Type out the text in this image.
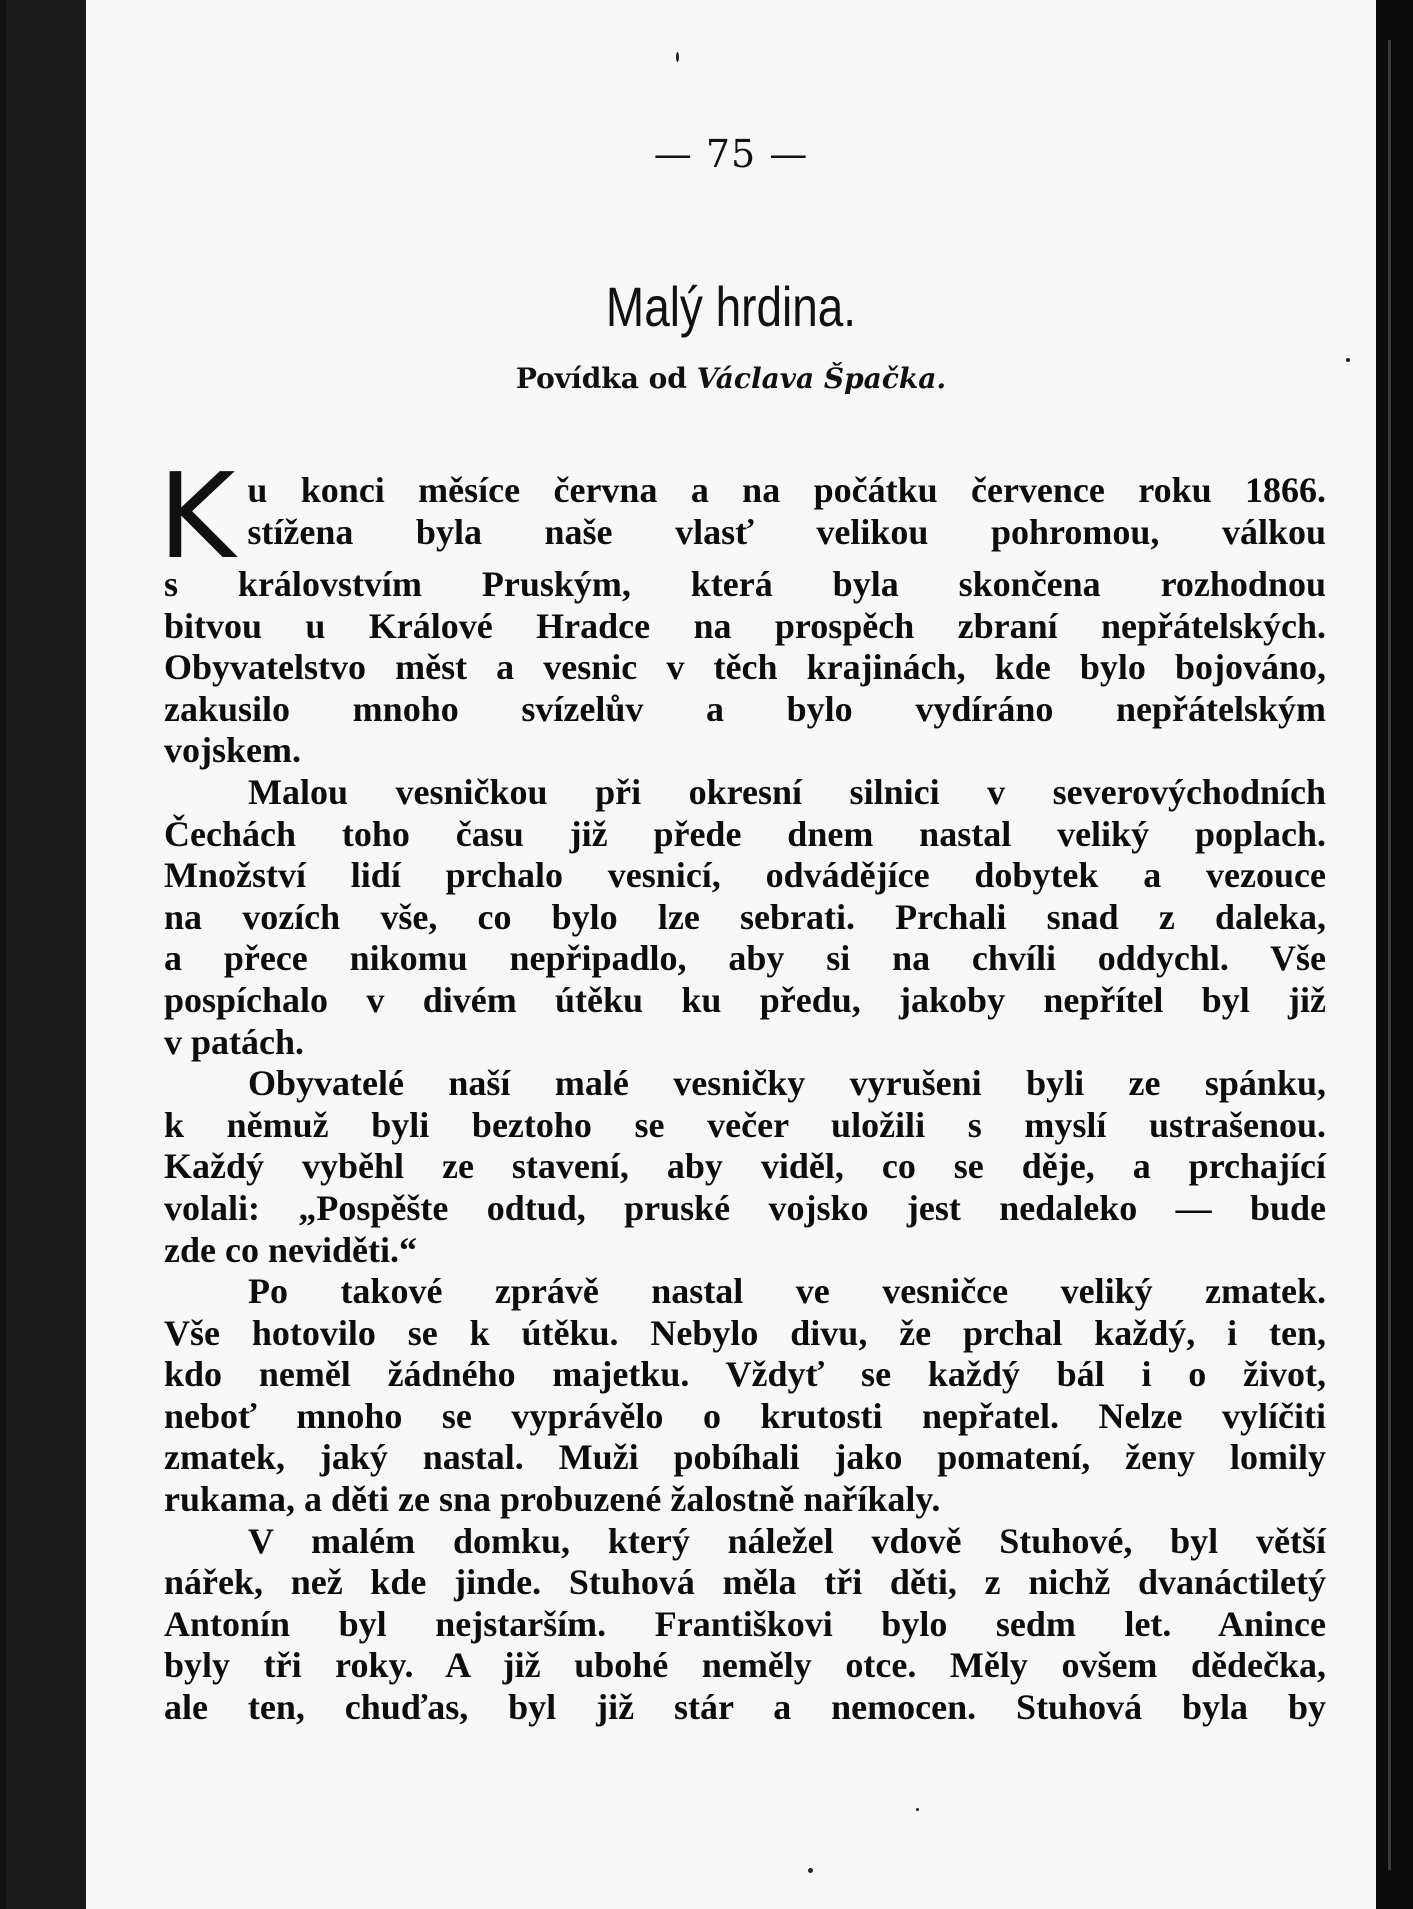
— 75 —
Malý hrdina.
Povídka od Václava Špačka.
K u konci měsíce června a na počátku července roku 1866.
stížena byla naše vlasť velikou pohromou, válkou
s královstvím Pruským, která byla skončena rozhodnou
bitvou u Králové Hradce na prospěch zbraní nepřátelských.
Obyvatelstvo měst a vesnic v těch krajinách, kde bylo bojováno,
zakusilo mnoho svízelův a bylo vydíráno nepřátelským
vojskem.
Malou vesničkou při okresní silnici v severovýchodních
Čechách toho času již přede dnem nastal veliký poplach.
Množství lidí prchalo vesnicí, odvádějíce dobytek a vezouce
na vozích vše, co bylo lze sebrati. Prchali snad z daleka,
a přece nikomu nepřipadlo, aby si na chvíli oddychl. Vše
pospíchalo v divém útěku ku předu, jakoby nepřítel byl již
v patách.
Obyvatelé naší malé vesničky vyrušeni byli ze spánku,
k němuž byli beztoho se večer uložili s myslí ustrašenou.
Každý vyběhl ze stavení, aby viděl, co se děje, a prchající
volali: „Pospěšte odtud, pruské vojsko jest nedaleko — bude
zde co neviděti.“
Po takové zprávě nastal ve vesničce veliký zmatek.
Vše hotovilo se k útěku. Nebylo divu, že prchal každý, i ten,
kdo neměl žádného majetku. Vždyť se každý bál i o život,
neboť mnoho se vyprávělo o krutosti nepřatel. Nelze vylíčiti
zmatek, jaký nastal. Muži pobíhali jako pomatení, ženy lomily
rukama, a děti ze sna probuzené žalostně naříkaly.
V malém domku, který náležel vdově Stuhové, byl větší
nářek, než kde jinde. Stuhová měla tři děti, z nichž dvanáctiletý
Antonín byl nejstarším. Františkovi bylo sedm let. Anince
byly tři roky. A již ubohé neměly otce. Měly ovšem dědečka,
ale ten, chuďas, byl již stár a nemocen. Stuhová byla by
